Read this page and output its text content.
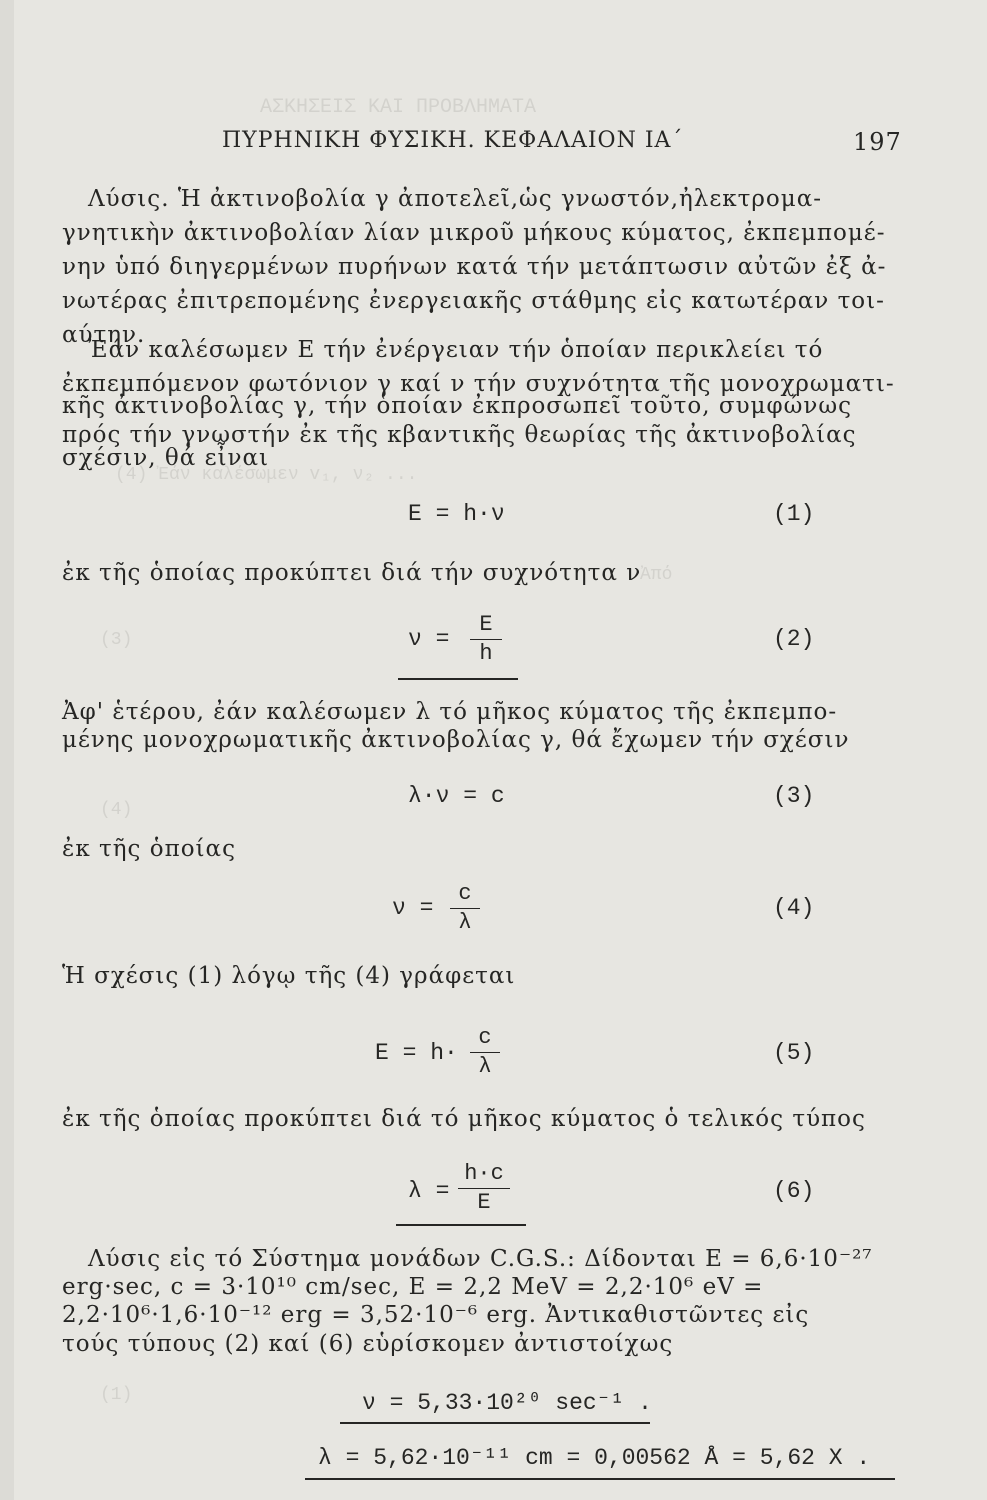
ΑΣΚΗΣΕΙΣ ΚΑΙ ΠΡΟΒΛΗΜΑΤΑ
(4) Ἐάν καλέσωμεν v₁, ν₂ ...
Ἀπό
(3)
(4)
(1)
ΠΥΡΗΝΙΚΗ ΦΥΣΙΚΗ. ΚΕΦΑΛΑΙΟΝ ΙΑ΄	197
Λύσις. Ἡ ἀκτινοβολία γ ἀποτελεῖ,ὡς γνωστόν,ἠλεκτρομα-
γνητικὴν ἀκτινοβολίαν λίαν μικροῦ μήκους κύματος, ἐκπεμπομέ-
νην ὑπό διηγερμένων πυρήνων κατά τήν μετάπτωσιν αὐτῶν ἐξ ἀ-
νωτέρας ἐπιτρεπομένης ἐνεργειακῆς στάθμης εἰς κατωτέραν τοι-
αύτην.
Ἐάν καλέσωμεν E τήν ἐνέργειαν τήν ὁποίαν περικλείει τό
ἐκπεμπόμενον φωτόνιον γ καί ν τήν συχνότητα τῆς μονοχρωματι-
κῆς ἀκτινοβολίας γ, τήν ὁποίαν ἐκπροσωπεῖ τοῦτο, συμφώνως
πρός τήν γνωστήν ἐκ τῆς κβαντικῆς θεωρίας τῆς ἀκτινοβολίας
σχέσιν, θά εἶναι
E = h·ν	(1)
ἐκ τῆς ὁποίας προκύπτει διά τήν συχνότητα ν
ν =
E
h
(2)
Ἀφ' ἑτέρου, ἐάν καλέσωμεν λ τό μῆκος κύματος τῆς ἐκπεμπο-
μένης μονοχρωματικῆς ἀκτινοβολίας γ, θά ἔχωμεν τήν σχέσιν
λ·ν = c	(3)
ἐκ τῆς ὁποίας
ν =
c
λ
(4)
Ἡ σχέσις (1) λόγῳ τῆς (4) γράφεται
E = h·
c
λ
(5)
ἐκ τῆς ὁποίας προκύπτει διά τό μῆκος κύματος ὁ τελικός τύπος
λ =
h·c
E	(6)
Λύσις εἰς τό Σύστημα μονάδων C.G.S.: Δίδονται E = 6,6·10⁻²⁷
erg·sec, c = 3·10¹⁰ cm/sec, E = 2,2 MeV = 2,2·10⁶ eV =
2,2·10⁶·1,6·10⁻¹² erg = 3,52·10⁻⁶ erg. Ἀντικαθιστῶντες εἰς
τούς τύπους (2) καί (6) εὑρίσκομεν ἀντιστοίχως
ν = 5,33·10²⁰ sec⁻¹ .
λ = 5,62·10⁻¹¹ cm = 0,00562 Å = 5,62 X .
